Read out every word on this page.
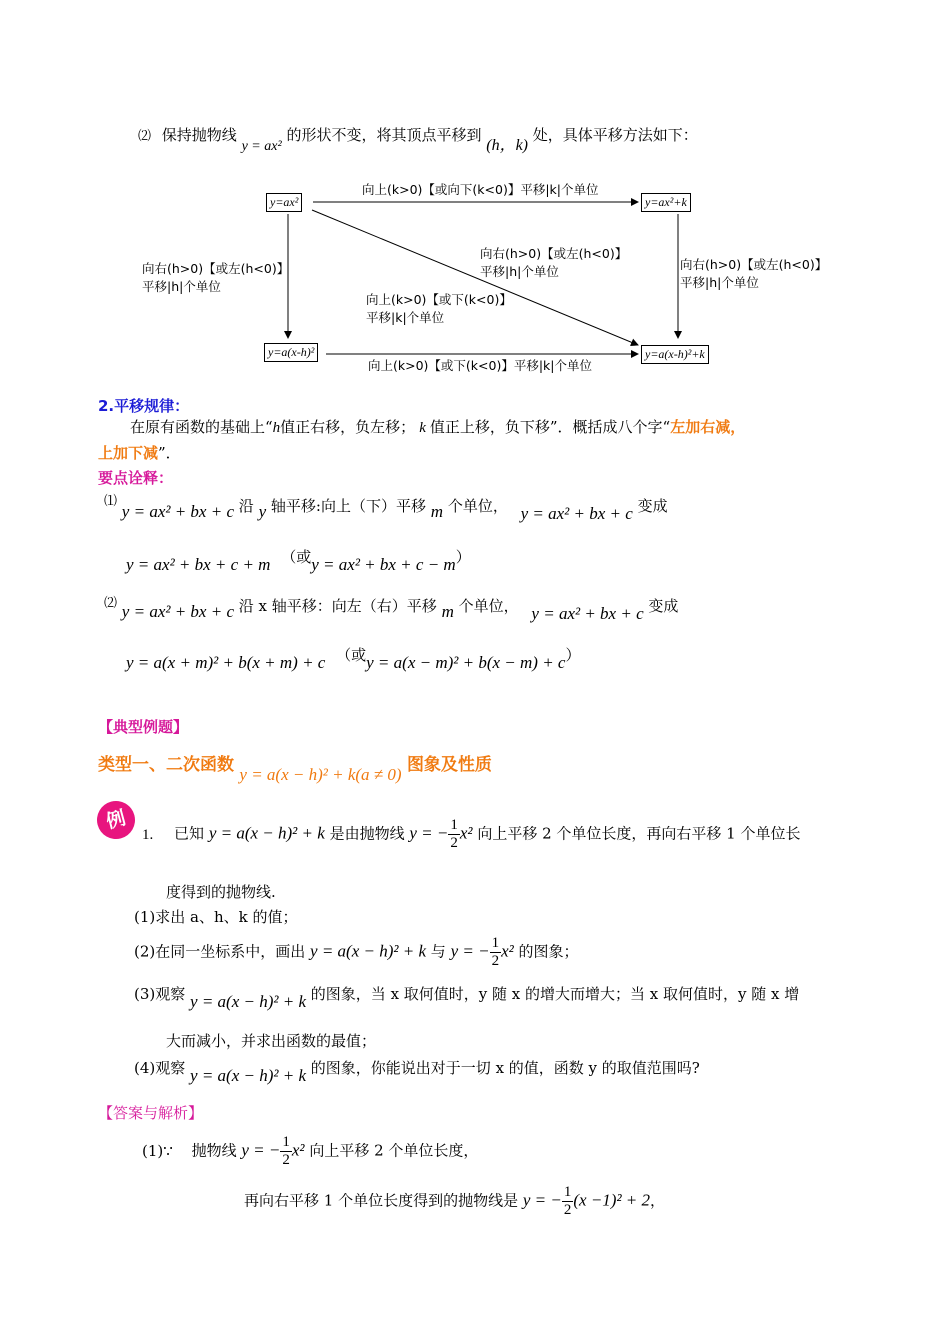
⑵ 保持抛物线 y = ax² 的形状不变，将其顶点平移到 (h，k) 处，具体平移方法如下：
y=ax²	y=ax²+k
y=a(x-h)²	y=a(x-h)²+k
向上(k>0)【或向下(k<0)】平移|k|个单位
向上(k>0)【或下(k<0)】平移|k|个单位
向右(h>0)【或左(h<0)】
平移|h|个单位
向右(h>0)【或左(h<0)】
平移|h|个单位
向右(h>0)【或左(h<0)】
平移|h|个单位
向上(k>0)【或下(k<0)】
平移|k|个单位
2.平移规律：
在原有函数的基础上“h值正右移，负左移； k 值正上移，负下移”．概括成八个字“左加右减，
上加下减”．
要点诠释：
⑴ y = ax² + bx + c 沿 y 轴平移:向上（下）平移 m 个单位， y = ax² + bx + c 变成
y = ax² + bx + c + m （或y = ax² + bx + c − m）
⑵ y = ax² + bx + c 沿 x 轴平移：向左（右）平移 m 个单位， y = ax² + bx + c 变成
y = a(x + m)² + b(x + m) + c （或y = a(x − m)² + b(x − m) + c）
【典型例题】
类型一、二次函数 y = a(x − h)² + k(a ≠ 0) 图象及性质
例
1. 已知 y = a(x − h)² + k 是由抛物线 y = − $\frac{1}{2} x^2$ 向上平移 2 个单位长度，再向右平移 1 个单位长
度得到的抛物线.
(1)求出 a、h、k 的值；
(2)在同一坐标系中，画出 y = a(x − h)² + k 与 y = − $\frac{1}{2} x^2$ 的图象；
(3)观察 y = a(x − h)² + k 的图象，当 x 取何值时，y 随 x 的增大而增大；当 x 取何值时，y 随 x 增
大而减小，并求出函数的最值；
(4)观察 y = a(x − h)² + k 的图象，你能说出对于一切 x 的值，函数 y 的取值范围吗?
【答案与解析】
(1)∵ 抛物线 y = − $\frac{1}{2} x^2$ 向上平移 2 个单位长度，
再向右平移 1 个单位长度得到的抛物线是 y = − $\frac{1}{2} (x -1)^2 + 2$，
